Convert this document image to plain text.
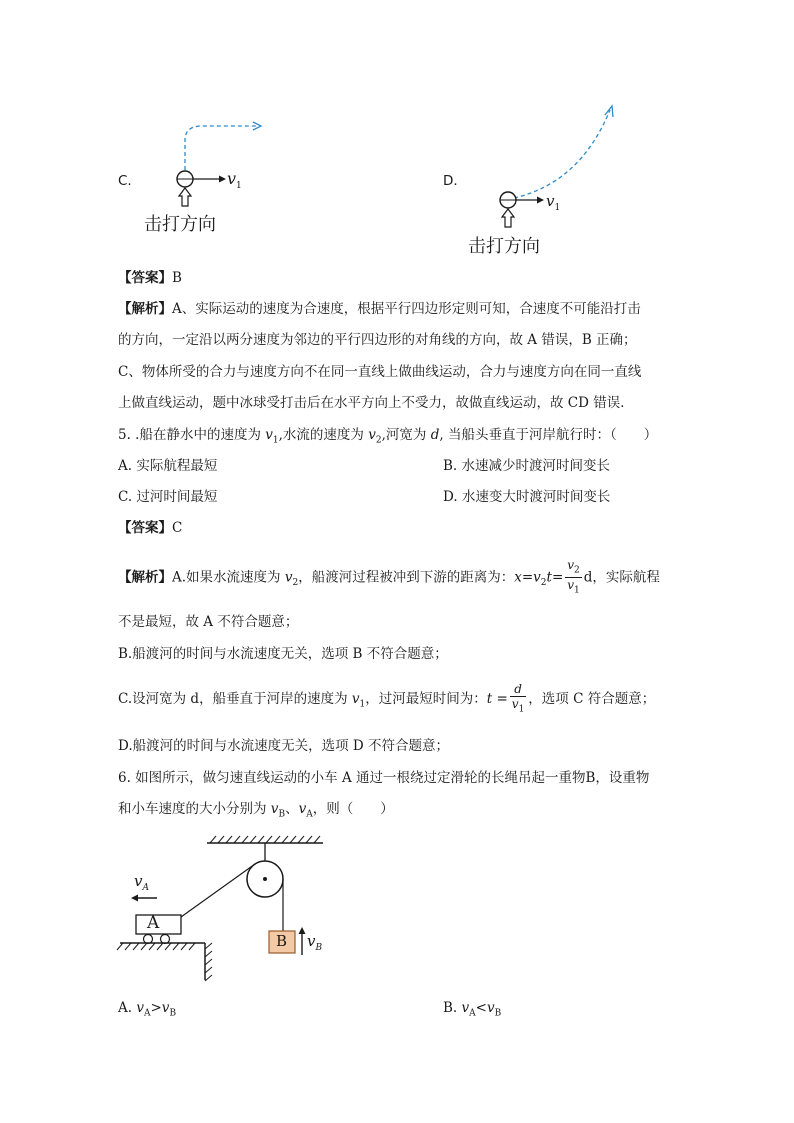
C.	$v_1$
击打方向
D.
$v_1$
击打方向
【答案】B
【解析】A、实际运动的速度为合速度，根据平行四边形定则可知，合速度不可能沿打击
的方向，一定沿以两分速度为邻边的平行四边形的对角线的方向，故 A 错误，B 正确；
C、物体所受的合力与速度方向不在同一直线上做曲线运动，合力与速度方向在同一直线
上做直线运动，题中冰球受打击后在水平方向上不受力，故做直线运动，故 CD 错误．
5. .船在静水中的速度为 $v_1$,水流的速度为 $v_2$,河宽为 d, 当船头垂直于河岸航行时：（　　）
A. 实际航程最短	B. 水速减少时渡河时间变长
C. 过河时间最短	D. 水速变大时渡河时间变长
【答案】C
【解析】A.如果水流速度为 $v_2$，船渡河过程被冲到下游的距离为：$x=v_2t= \frac{v_2}{v_1}$ d，实际航程
不是最短，故 A 不符合题意；
B.船渡河的时间与水流速度无关，选项 B 不符合题意；
C.设河宽为 d，船垂直于河岸的速度为 $v_1$，过河最短时间为：$t = \frac{d}{v_1}$ ，选项 C 符合题意；
D.船渡河的时间与水流速度无关，选项 D 不符合题意；
6. 如图所示，做匀速直线运动的小车 A 通过一根绕过定滑轮的长绳吊起一重物B，设重物
和小车速度的大小分别为 $v_B$、$v_A$，则（　　）
$v_A$
A
B $v_B$
A. $v_A>v_B$	B. $v_A<v_B$
